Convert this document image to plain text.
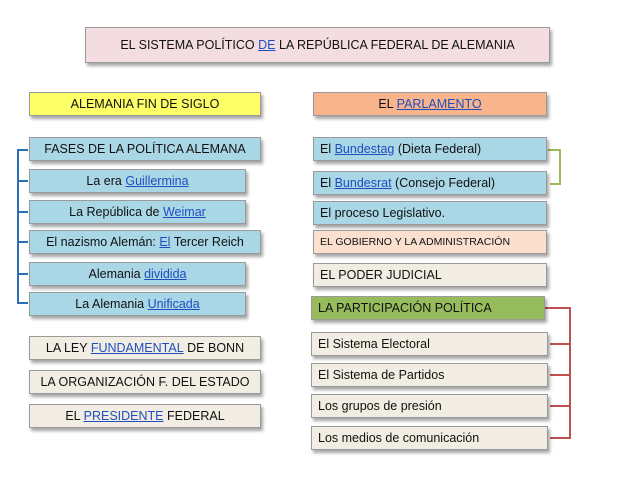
EL SISTEMA POLÍTICO DE LA REPÚBLICA FEDERAL DE ALEMANIA
ALEMANIA FIN DE SIGLO
FASES DE LA POLÍTICA ALEMANA
La era Guillermina
La República de Weimar
El nazismo Alemán: El Tercer Reich
Alemania dividida
La Alemania Unificada
LA LEY FUNDAMENTAL DE BONN
LA ORGANIZACIÓN F. DEL ESTADO
EL PRESIDENTE FEDERAL
EL PARLAMENTO
El Bundestag (Dieta Federal)
El Bundesrat (Consejo Federal)
El proceso Legislativo.
EL GOBIERNO Y LA ADMINISTRACIÓN
EL PODER JUDICIAL
LA PARTICIPACIÓN POLÍTICA
El Sistema Electoral
El Sistema de Partidos
Los grupos de presión
Los medios de comunicación
